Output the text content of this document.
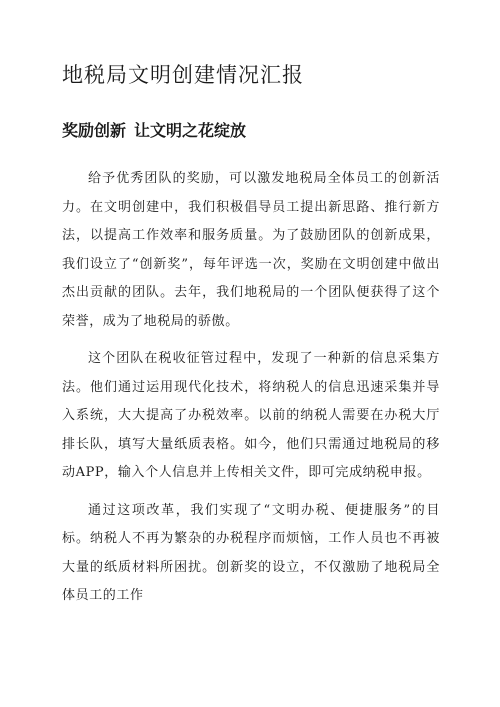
地税局文明创建情况汇报
奖励创新 让文明之花绽放

给予优秀团队的奖励，可以激发地税局全体员工的创新活力。在文明创建中，我们积极倡导员工提出新思路、推行新方法，以提高工作效率和服务质量。为了鼓励团队的创新成果，我们设立了“创新奖”，每年评选一次，奖励在文明创建中做出杰出贡献的团队。去年，我们地税局的一个团队便获得了这个荣誉，成为了地税局的骄傲。

这个团队在税收征管过程中，发现了一种新的信息采集方法。他们通过运用现代化技术，将纳税人的信息迅速采集并导入系统，大大提高了办税效率。以前的纳税人需要在办税大厅排长队，填写大量纸质表格。如今，他们只需通过地税局的移动APP，输入个人信息并上传相关文件，即可完成纳税申报。

通过这项改革，我们实现了“文明办税、便捷服务”的目标。纳税人不再为繁杂的办税程序而烦恼，工作人员也不再被大量的纸质材料所困扰。创新奖的设立，不仅激励了地税局全体员工的工作
